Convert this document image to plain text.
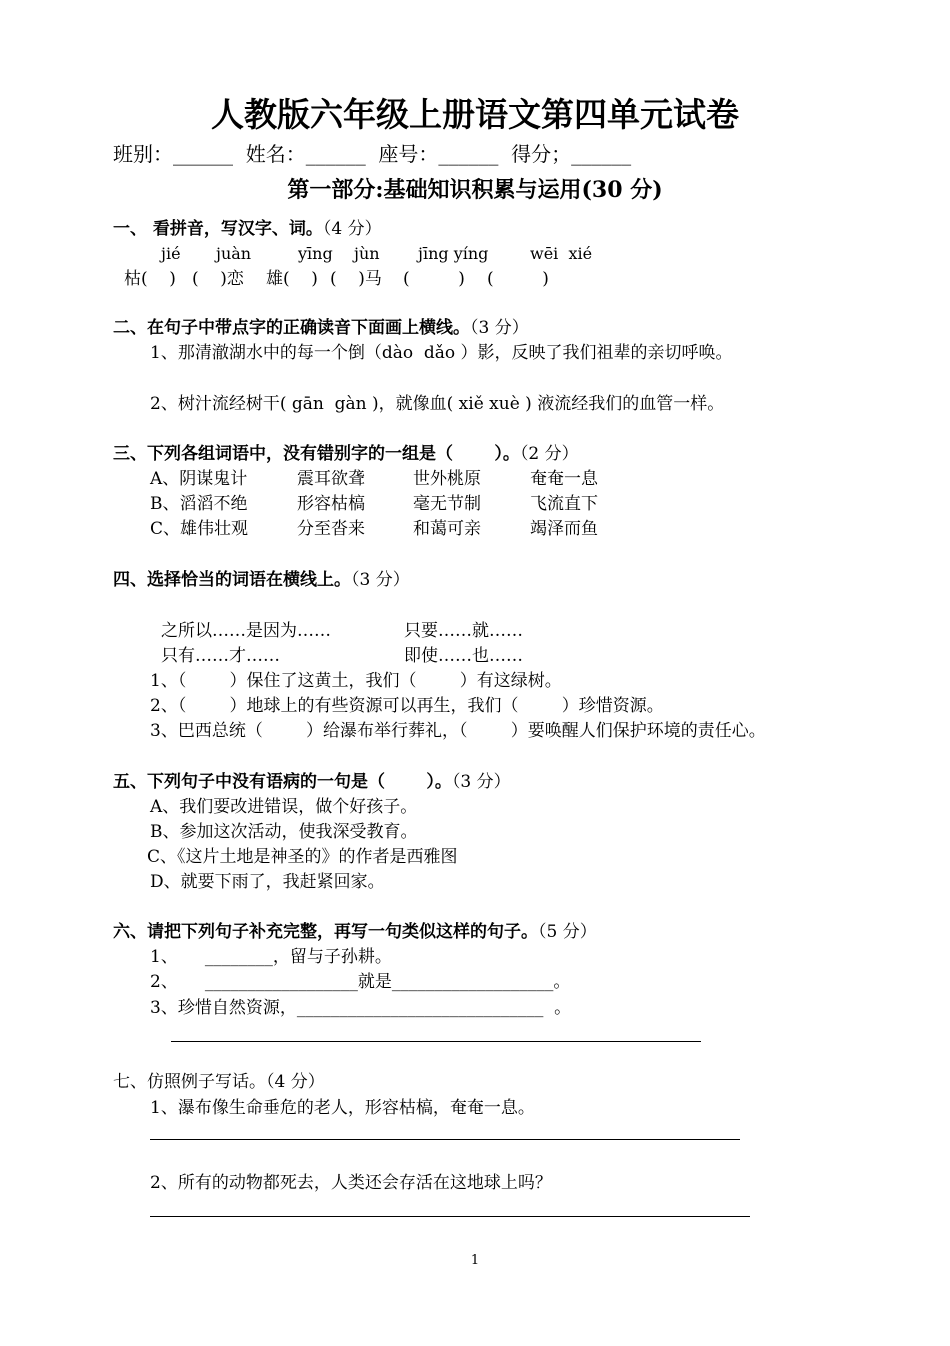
人教版六年级上册语文第四单元试卷
班别：______  姓名：______  座号：______  得分；______
第一部分:基础知识积累与运用(30 分)
一、 看拼音，写汉字、词。（4 分）
jié juàn	yīng jùn jīng yíng	wēi  xié
枯(    ) (    )恋 雄(    ) (    )马 (         ) (         )
二、在句子中带点字的正确读音下面画上横线。（3 分）
1、那清澈湖水中的每一个倒（dào  dǎo ）影，反映了我们祖辈的亲切呼唤。
2、树汁流经树干( gān  gàn )，就像血( xiě xuè ) 液流经我们的血管一样。
三、下列各组词语中，没有错别字的一组是（       ）。（2 分）
A、阴谋鬼计	震耳欲聋	世外桃原	奄奄一息
B、滔滔不绝	形容枯槁	毫无节制	飞流直下
C、雄伟壮观	分至沓来	和蔼可亲	竭泽而鱼
四、选择恰当的词语在横线上。（3 分）
之所以……是因为……	只要……就……
只有……才……	即使……也……
1、（        ）保住了这黄土，我们（        ）有这绿树。
2、（        ）地球上的有些资源可以再生，我们（        ）珍惜资源。
3、巴西总统（        ）给瀑布举行葬礼，（        ）要唤醒人们保护环境的责任心。
五、下列句子中没有语病的一句是（       ）。（3 分）
A、我们要改进错误，做个好孩子。
B、参加这次活动，使我深受教育。
C、《这片土地是神圣的》的作者是西雅图
D、就要下雨了，我赶紧回家。
六、请把下列句子补充完整，再写一句类似这样的句子。（5 分）
1、     ________，留与子孙耕。
2、     __________________就是___________________。
3、珍惜自然资源，_____________________________  。
七、仿照例子写话。（4 分）
1、瀑布像生命垂危的老人，形容枯槁，奄奄一息。
2、所有的动物都死去，人类还会存活在这地球上吗？
1
